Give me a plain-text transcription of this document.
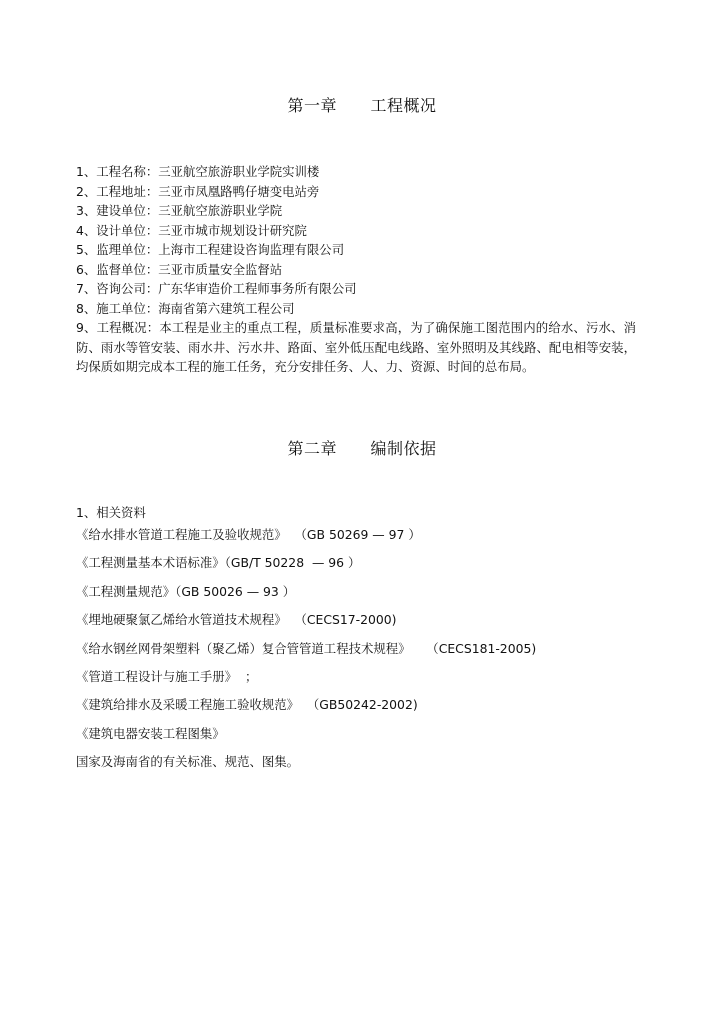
第一章      工程概况
1、工程名称：三亚航空旅游职业学院实训楼
2、工程地址：三亚市凤凰路鸭仔塘变电站旁
3、建设单位：三亚航空旅游职业学院
4、设计单位：三亚市城市规划设计研究院
5、监理单位：上海市工程建设咨询监理有限公司
6、监督单位：三亚市质量安全监督站
7、咨询公司：广东华审造价工程师事务所有限公司
8、施工单位：海南省第六建筑工程公司
9、工程概况：本工程是业主的重点工程，质量标准要求高，为了确保施工图范围内的给水、污水、消防、雨水等管安装、雨水井、污水井、路面、室外低压配电线路、室外照明及其线路、配电相等安装，均保质如期完成本工程的施工任务，充分安排任务、人、力、资源、时间的总布局。
第二章      编制依据
1、相关资料
《给水排水管道工程施工及验收规范》  （GB 50269 — 97 ）
《工程测量基本术语标准》（GB/T 50228  — 96 ）
《工程测量规范》（GB 50026 — 93 ）
《埋地硬聚氯乙烯给水管道技术规程》  （CECS17-2000)
《给水钢丝网骨架塑料（聚乙烯）复合管管道工程技术规程》    （CECS181-2005)
《管道工程设计与施工手册》  ；
《建筑给排水及采暖工程施工验收规范》  （GB50242-2002)
《建筑电器安装工程图集》
国家及海南省的有关标准、规范、图集。
